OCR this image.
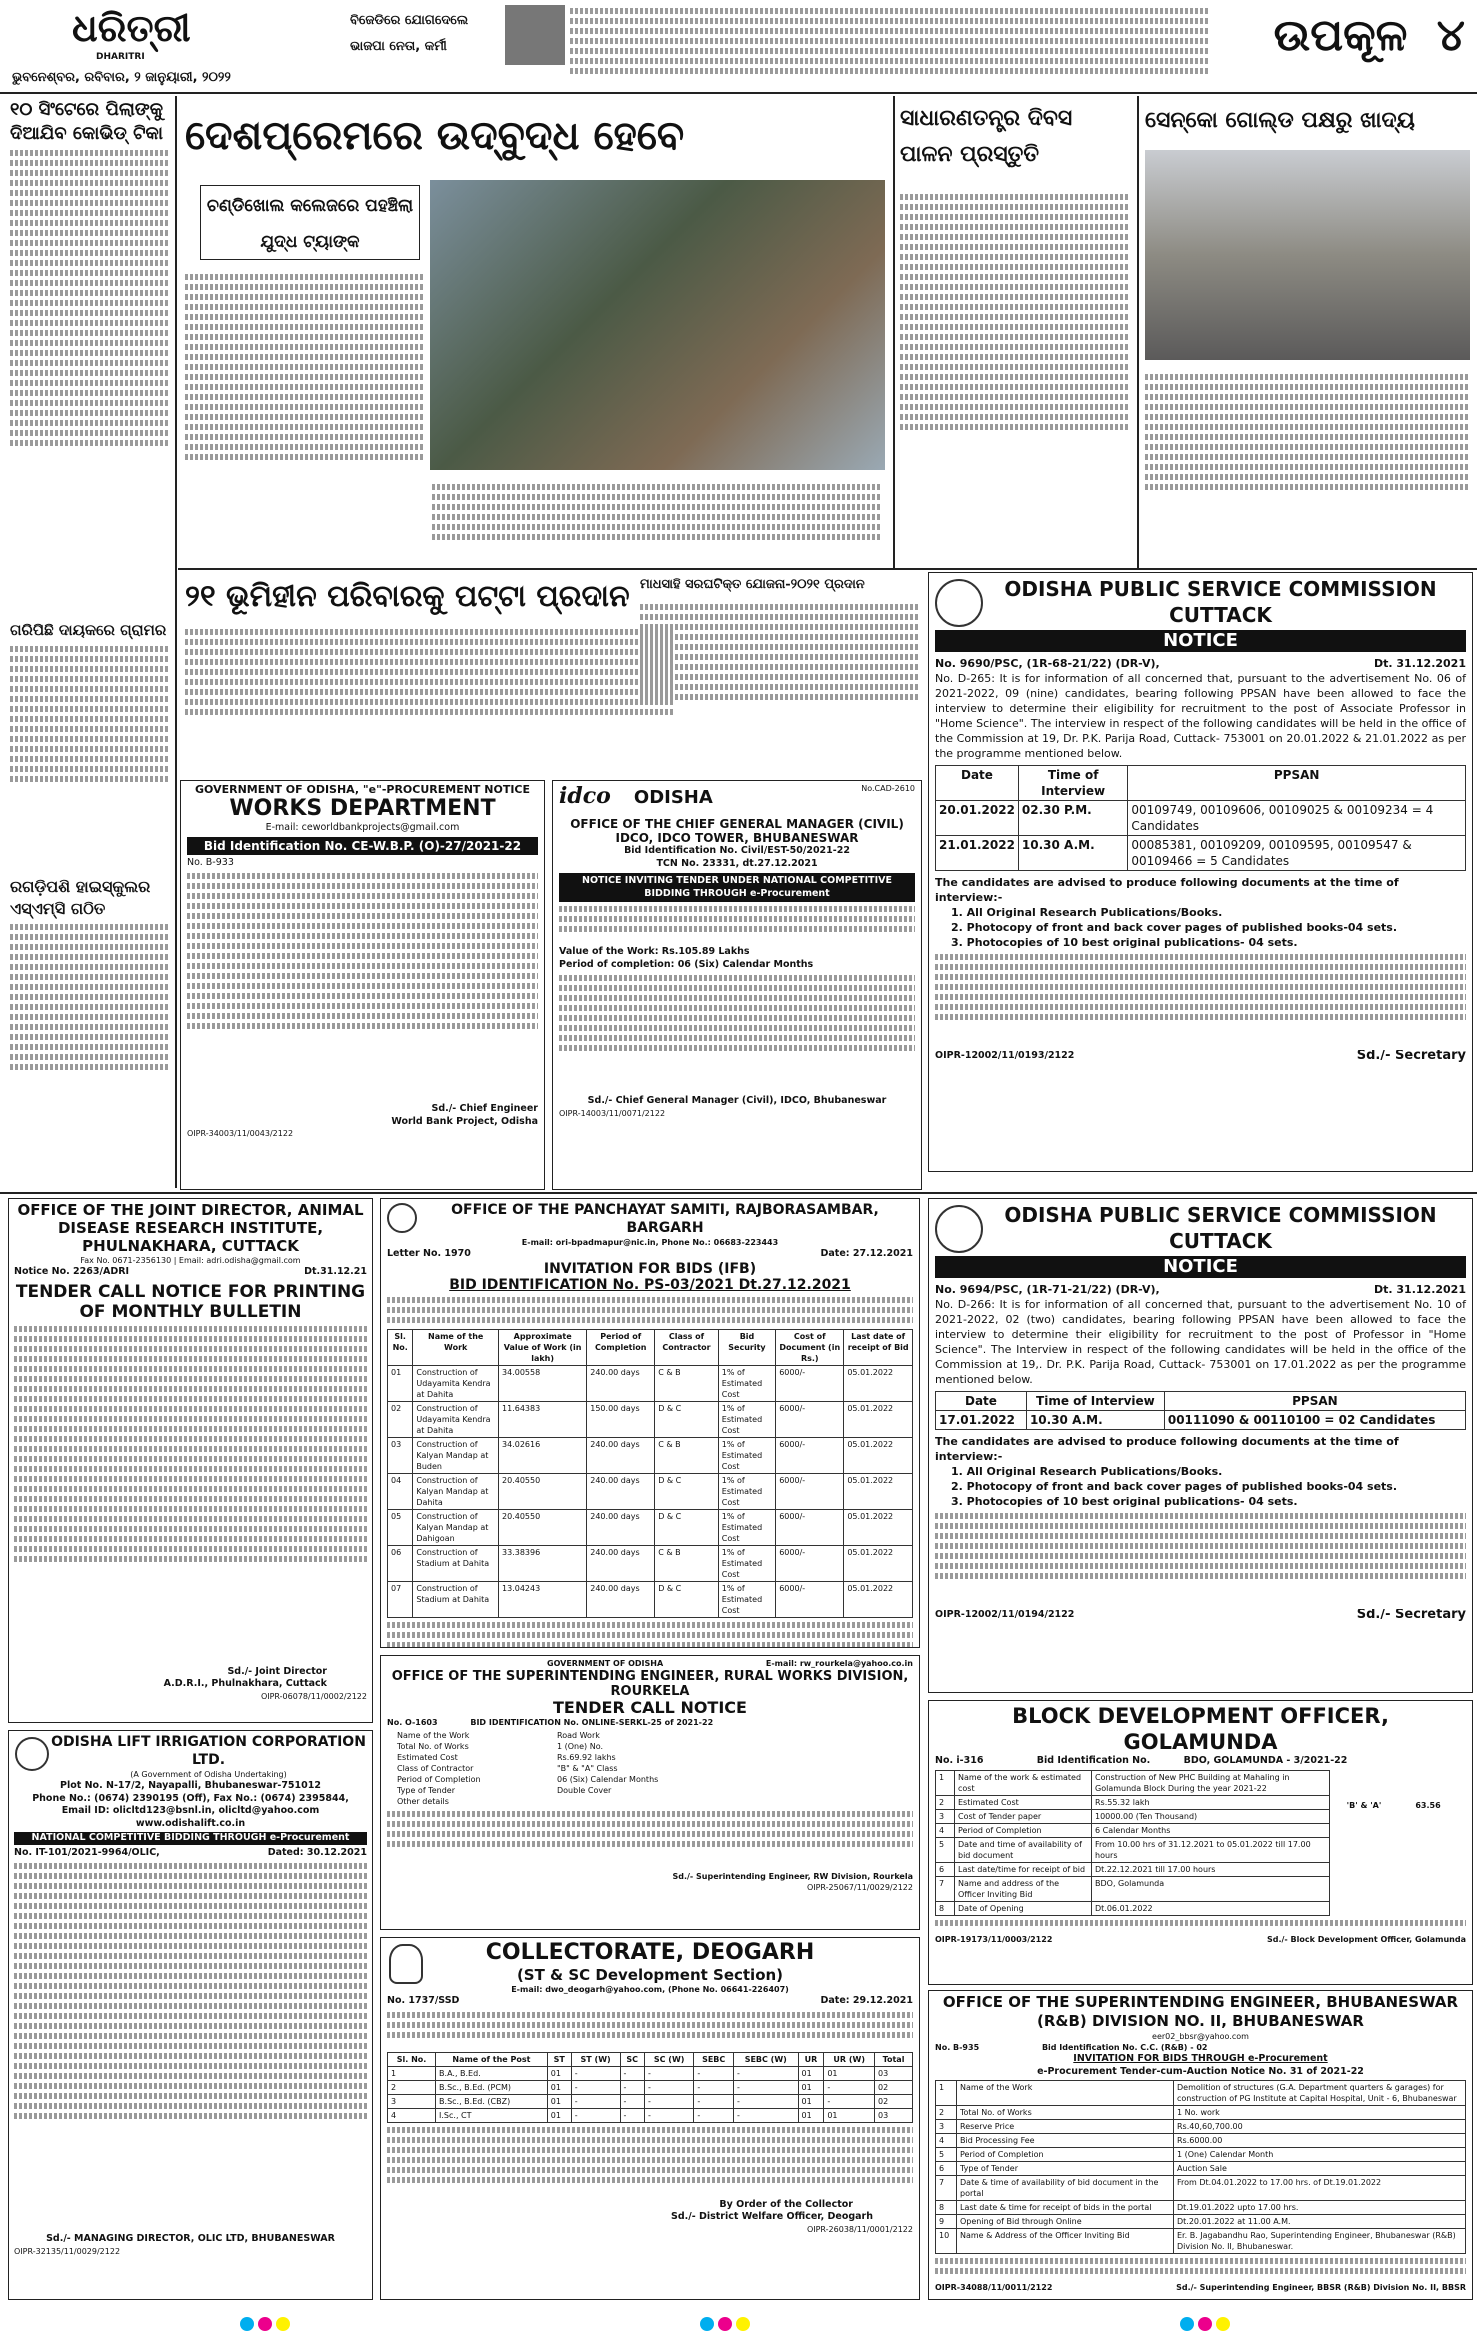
ଧରିତ୍ରୀ
DHARITRI
ଭୁବନେଶ୍ବର, ରବିବାର, ୨ ଜାନୁୟାରୀ, ୨୦୨୨
ବିଜେଡିରେ ଯୋଗଦେଲେ ଭାଜପା ନେତା, କର୍ମୀ	ଉପକୂଳ ୪
୧୦ ସିଂଟେରେ ପିଲାଙ୍କୁ ଦିଆଯିବ କୋଭିଡ୍ ଟିକା
ଗରିପିଛି ଦାୟକରେ ଗ୍ରାମର
ରଗଡ଼ିପଶି ହାଇସ୍କୁଲର ଏସ୍‌ଏମ୍‌ସି ଗଠିତ
ଦେଶପ୍ରେମରେ ଉଦ୍‌ବୁଦ୍ଧ ହେବେ
ଚଣ୍ଡିଖୋଲ କଲେଜରେ ପହଞ୍ଚିଲା ଯୁଦ୍ଧ ଟ୍ୟାଙ୍କ
ସାଧାରଣତନ୍ତ୍ର ଦିବସ ପାଳନ ପ୍ରସ୍ତୁତି
ସେନ୍‌କୋ ଗୋଲ୍ଡ ପକ୍ଷରୁ ଖାଦ୍ୟ
୨୧ ଭୂମିହୀନ ପରିବାରକୁ ପଟ୍ଟା ପ୍ରଦାନ ମାଧସାହି ସରଘଟିକ୍ତ ଯୋଜନା-୨୦୨୧ ପ୍ରଦାନ
GOVERNMENT OF ODISHA, "e"-PROCUREMENT NOTICE
WORKS DEPARTMENT
E-mail: ceworldbankprojects@gmail.com
Bid Identification No. CE-W.B.P. (O)-27/2021-22
No. B-933
Sd./- Chief Engineer
World Bank Project, Odisha
OIPR-34003/11/0043/2122
idco ODISHA	No.CAD-2610
OFFICE OF THE CHIEF GENERAL MANAGER (CIVIL)
IDCO, IDCO TOWER, BHUBANESWAR
Bid Identification No. Civil/EST-50/2021-22
TCN No. 23331, dt.27.12.2021
NOTICE INVITING TENDER UNDER NATIONAL COMPETITIVE BIDDING THROUGH e-Procurement
Value of the Work: Rs.105.89 Lakhs
Period of completion: 06 (Six) Calendar Months
Sd./- Chief General Manager (Civil), IDCO, Bhubaneswar
OIPR-14003/11/0071/2122
ODISHA PUBLIC SERVICE COMMISSION
CUTTACK
NOTICE
No. 9690/PSC, (1R-68-21/22) (DR-V),	Dt. 31.12.2021
No. D-265: It is for information of all concerned that, pursuant to the advertisement No. 06 of 2021-2022, 09 (nine) candidates, bearing following PPSAN have been allowed to face the interview to determine their eligibility for recruitment to the post of Associate Professor in "Home Science". The interview in respect of the following candidates will be held in the office of the Commission at 19, Dr. P.K. Parija Road, Cuttack- 753001 on 20.01.2022 & 21.01.2022 as per the programme mentioned below.
Date	Time of Interview	PPSAN
20.01.2022	02.30 P.M.	00109749, 00109606, 00109025 & 00109234 = 4 Candidates
21.01.2022	10.30 A.M.	00085381, 00109209, 00109595, 00109547 & 00109466 = 5 Candidates
The candidates are advised to produce following documents at the time of interview:-
1. All Original Research Publications/Books.
2. Photocopy of front and back cover pages of published books-04 sets.
3. Photocopies of 10 best original publications- 04 sets.
OIPR-12002/11/0193/2122	Sd./- Secretary
OFFICE OF THE JOINT DIRECTOR, ANIMAL DISEASE RESEARCH INSTITUTE, PHULNAKHARA, CUTTACK
Fax No. 0671-2356130 | Email: adri.odisha@gmail.com
Notice No. 2263/ADRI	Dt.31.12.21
TENDER CALL NOTICE FOR PRINTING OF MONTHLY BULLETIN
Sd./- Joint Director
A.D.R.I., Phulnakhara, Cuttack
OIPR-06078/11/0002/2122
OFFICE OF THE PANCHAYAT SAMITI, RAJBORASAMBAR, BARGARH
E-mail: ori-bpadmapur@nic.in, Phone No.: 06683-223443
Letter No. 1970	Date: 27.12.2021
INVITATION FOR BIDS (IFB)
BID IDENTIFICATION No. PS-03/2021 Dt.27.12.2021
Sl. No.	Name of the Work	Approximate Value of Work (in lakh)	Period of Completion	Class of Contractor	Bid Security	Cost of Document (in Rs.)	Last date of receipt of Bid
01	Construction of Udayamita Kendra at Dahita	34.00558	240.00 days	C & B	1% of Estimated Cost	6000/-	05.01.2022
02	Construction of Udayamita Kendra at Dahita	11.64383	150.00 days	D & C	1% of Estimated Cost	6000/-	05.01.2022
03	Construction of Kalyan Mandap at Buden	34.02616	240.00 days	C & B	1% of Estimated Cost	6000/-	05.01.2022
04	Construction of Kalyan Mandap at Dahita	20.40550	240.00 days	D & C	1% of Estimated Cost	6000/-	05.01.2022
05	Construction of Kalyan Mandap at Dahigoan	20.40550	240.00 days	D & C	1% of Estimated Cost	6000/-	05.01.2022
06	Construction of Stadium at Dahita	33.38396	240.00 days	C & B	1% of Estimated Cost	6000/-	05.01.2022
07	Construction of Stadium at Dahita	13.04243	240.00 days	D & C	1% of Estimated Cost	6000/-	05.01.2022
ODISHA PUBLIC SERVICE COMMISSION
CUTTACK
NOTICE
No. 9694/PSC, (1R-71-21/22) (DR-V),	Dt. 31.12.2021
No. D-266: It is for information of all concerned that, pursuant to the advertisement No. 10 of 2021-2022, 02 (two) candidates, bearing following PPSAN have been allowed to face the interview to determine their eligibility for recruitment to the post of Professor in "Home Science". The Interview in respect of the following candidates will be held in the office of the Commission at 19,. Dr. P.K. Parija Road, Cuttack- 753001 on 17.01.2022 as per the programme mentioned below.
Date	Time of Interview	PPSAN
17.01.2022	10.30 A.M.	00111090 & 00110100 = 02 Candidates
The candidates are advised to produce following documents at the time of interview:-
1. All Original Research Publications/Books.
2. Photocopy of front and back cover pages of published books-04 sets.
3. Photocopies of 10 best original publications- 04 sets.
OIPR-12002/11/0194/2122	Sd./- Secretary
GOVERNMENT OF ODISHA	E-mail: rw_rourkela@yahoo.co.in
OFFICE OF THE SUPERINTENDING ENGINEER, RURAL WORKS DIVISION, ROURKELA
TENDER CALL NOTICE
No. O-1603	BID IDENTIFICATION No. ONLINE-SERKL-25 of 2021-22
Name of the Work	Road Work
Total No. of Works	1 (One) No.
Estimated Cost	Rs.69.92 lakhs
Class of Contractor	"B" & "A" Class
Period of Completion	06 (Six) Calendar Months
Type of Tender	Double Cover
Other details
Sd./- Superintending Engineer, RW Division, Rourkela
OIPR-25067/11/0029/2122
ODISHA LIFT IRRIGATION CORPORATION LTD.
(A Government of Odisha Undertaking)
Plot No. N-17/2, Nayapalli, Bhubaneswar-751012
Phone No.: (0674) 2390195 (Off), Fax No.: (0674) 2395844,
Email ID: olicltd123@bsnl.in, olicltd@yahoo.com
www.odishalift.co.in
NATIONAL COMPETITIVE BIDDING THROUGH e-Procurement
No. IT-101/2021-9964/OLIC,	Dated: 30.12.2021
Sd./- MANAGING DIRECTOR, OLIC LTD, BHUBANESWAR
OIPR-32135/11/0029/2122
COLLECTORATE, DEOGARH
(ST & SC Development Section)
E-mail: dwo_deogarh@yahoo.com, (Phone No. 06641-226407)
No. 1737/SSD	Date: 29.12.2021
Sl. No.	Name of the Post	ST	ST (W)	SC	SC (W)	SEBC	SEBC (W)	UR	UR (W)	Total
1	B.A., B.Ed.	01	-	-	-	-	-	01	01	03
2	B.Sc., B.Ed. (PCM)	01	-	-	-	-	-	01	-	02
3	B.Sc., B.Ed. (CBZ)	01	-	-	-	-	-	01	-	02
4	I.Sc., CT	01	-	-	-	-	-	01	01	03
By Order of the Collector
Sd./- District Welfare Officer, Deogarh
OIPR-26038/11/0001/2122
BLOCK DEVELOPMENT OFFICER, GOLAMUNDA
No. i-316	Bid Identification No.	BDO, GOLAMUNDA - 3/2021-22
1	Name of the work & estimated cost	Construction of New PHC Building at Mahaling in Golamunda Block During the year 2021-22
2	Estimated Cost	Rs.55.32 lakh
3	Cost of Tender paper	10000.00 (Ten Thousand)
4	Period of Completion	6 Calendar Months
5	Date and time of availability of bid document	From 10.00 hrs of 31.12.2021 to 05.01.2022 till 17.00 hours
6	Last date/time for receipt of bid	Dt.22.12.2021 till 17.00 hours
7	Name and address of the Officer Inviting Bid	BDO, Golamunda
8	Date of Opening	Dt.06.01.2022
'B' & 'A'	63.56
OIPR-19173/11/0003/2122	Sd./- Block Development Officer, Golamunda
OFFICE OF THE SUPERINTENDING ENGINEER, BHUBANESWAR (R&B) DIVISION NO. II, BHUBANESWAR
eer02_bbsr@yahoo.com
No. B-935	Bid Identification No. C.C. (R&B) - 02
INVITATION FOR BIDS THROUGH e-Procurement
e-Procurement Tender-cum-Auction Notice No. 31 of 2021-22
1	Name of the Work	Demolition of structures (G.A. Department quarters & garages) for construction of PG Institute at Capital Hospital, Unit - 6, Bhubaneswar
2	Total No. of Works	1 No. work
3	Reserve Price	Rs.40,60,700.00
4	Bid Processing Fee	Rs.6000.00
5	Period of Completion	1 (One) Calendar Month
6	Type of Tender	Auction Sale
7	Date & time of availability of bid document in the portal	From Dt.04.01.2022 to 17.00 hrs. of Dt.19.01.2022
8	Last date & time for receipt of bids in the portal	Dt.19.01.2022 upto 17.00 hrs.
9	Opening of Bid through Online	Dt.20.01.2022 at 11.00 A.M.
10	Name & Address of the Officer Inviting Bid	Er. B. Jagabandhu Rao, Superintending Engineer, Bhubaneswar (R&B) Division No. II, Bhubaneswar.
OIPR-34088/11/0011/2122	Sd./- Superintending Engineer, BBSR (R&B) Division No. II, BBSR
